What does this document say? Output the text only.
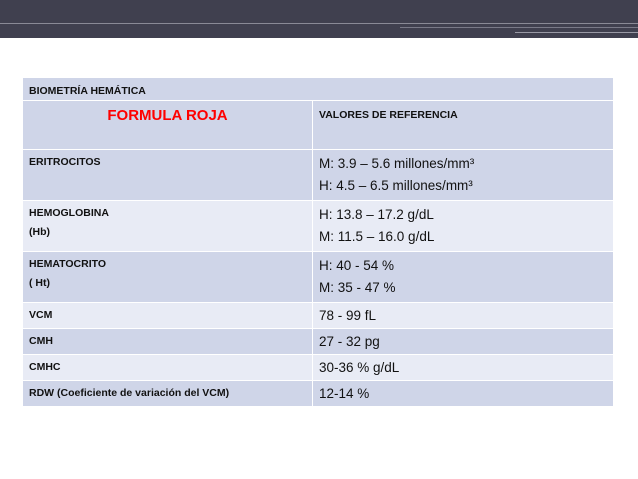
BIOMETRÍA HEMÁTICA	

FORMULA ROJA	VALORES DE REFERENCIA

ERITROCITOS	M: 3.9 – 5.6 millones/mm³
H: 4.5 – 6.5 millones/mm³

HEMOGLOBINA
(Hb)	H: 13.8 – 17.2 g/dL
M: 11.5 – 16.0 g/dL

HEMATOCRITO
( Ht)	H: 40 - 54 %
M: 35 - 47 %

VCM	78 - 99 fL
CMH	27 - 32 pg
CMHC	30-36 % g/dL
RDW (Coeficiente de variación del VCM)	12-14 %
